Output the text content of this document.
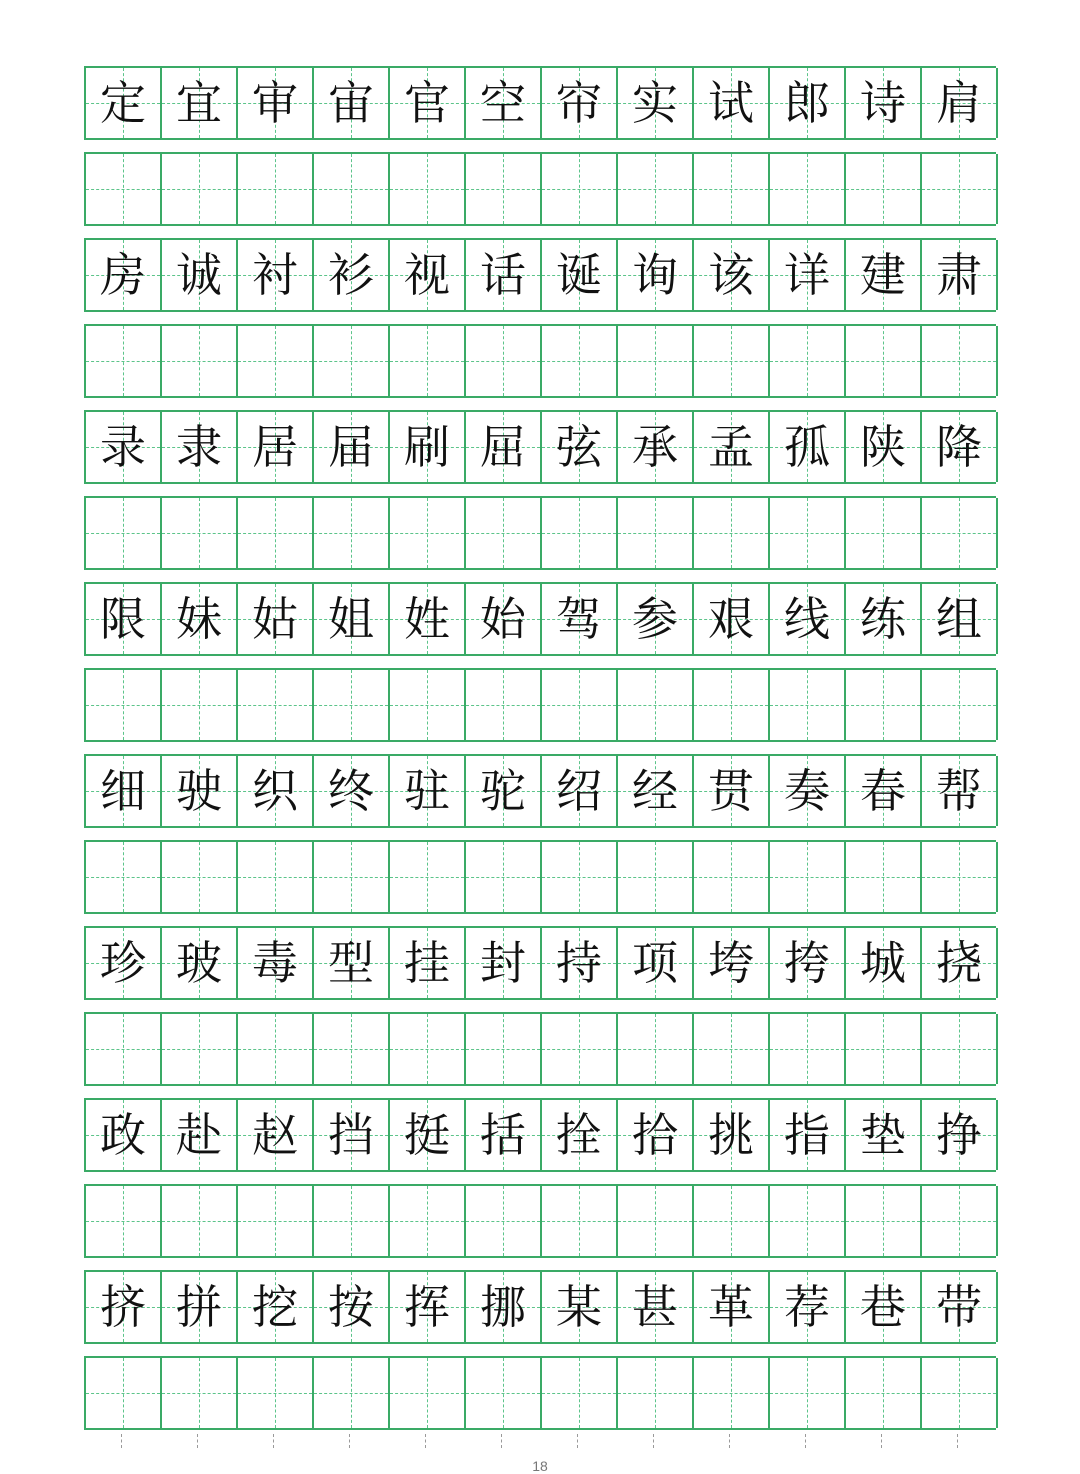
定 宜 审 宙 官 空 帘 实 试 郎 诗 肩
房 诚 衬 衫 视 话 诞 询 该 详 建 肃
录 隶 居 届 刷 屈 弦 承 孟 孤 陕 降
限 妹 姑 姐 姓 始 驾 参 艰 线 练 组
细 驶 织 终 驻 驼 绍 经 贯 奏 春 帮
珍 玻 毒 型 挂 封 持 项 垮 挎 城 挠
政 赴 赵 挡 挺 括 拴 拾 挑 指 垫 挣
挤 拼 挖 按 挥 挪 某 甚 革 荐 巷 带
18
